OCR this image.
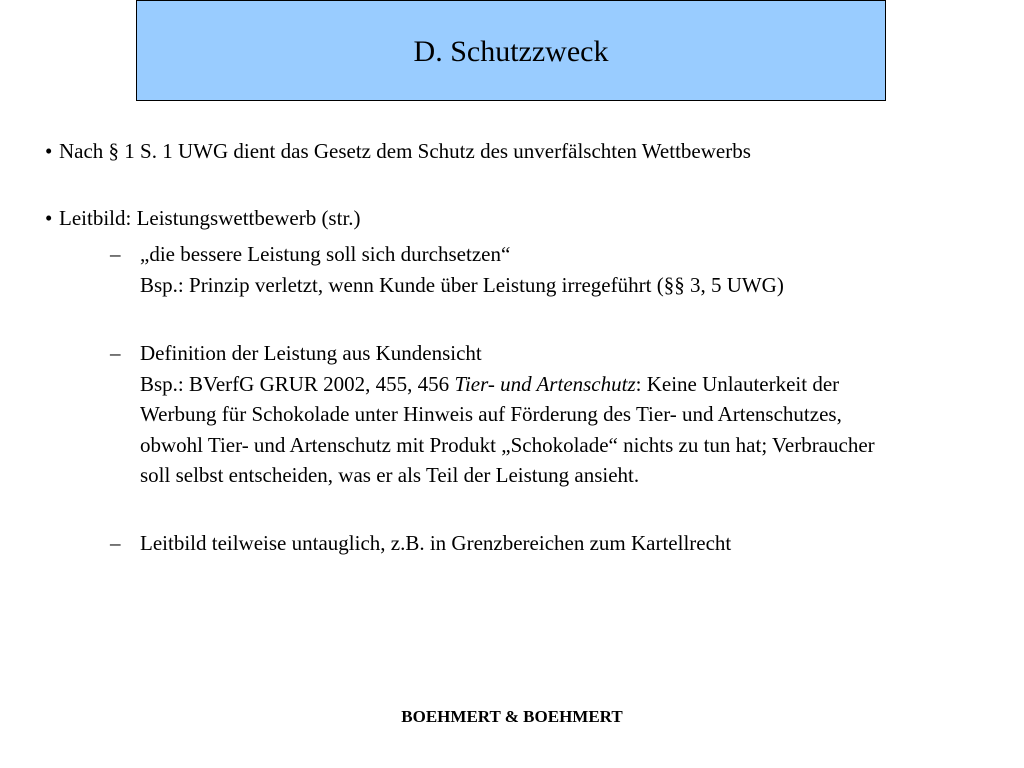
D. Schutzzweck
• Nach § 1 S. 1 UWG dient das Gesetz dem Schutz des unverfälschten Wettbewerbs
• Leitbild: Leistungswettbewerb (str.)
– „die bessere Leistung soll sich durchsetzen“
Bsp.: Prinzip verletzt, wenn Kunde über Leistung irregeführt (§§ 3, 5 UWG)
– Definition der Leistung aus Kundensicht
Bsp.: BVerfG GRUR 2002, 455, 456 Tier- und Artenschutz: Keine Unlauterkeit der Werbung für Schokolade unter Hinweis auf Förderung des Tier- und Artenschutzes, obwohl Tier- und Artenschutz mit Produkt „Schokolade“ nichts zu tun hat; Verbraucher soll selbst entscheiden, was er als Teil der Leistung ansieht.
– Leitbild teilweise untauglich, z.B. in Grenzbereichen zum Kartellrecht
BOEHMERT & BOEHMERT
